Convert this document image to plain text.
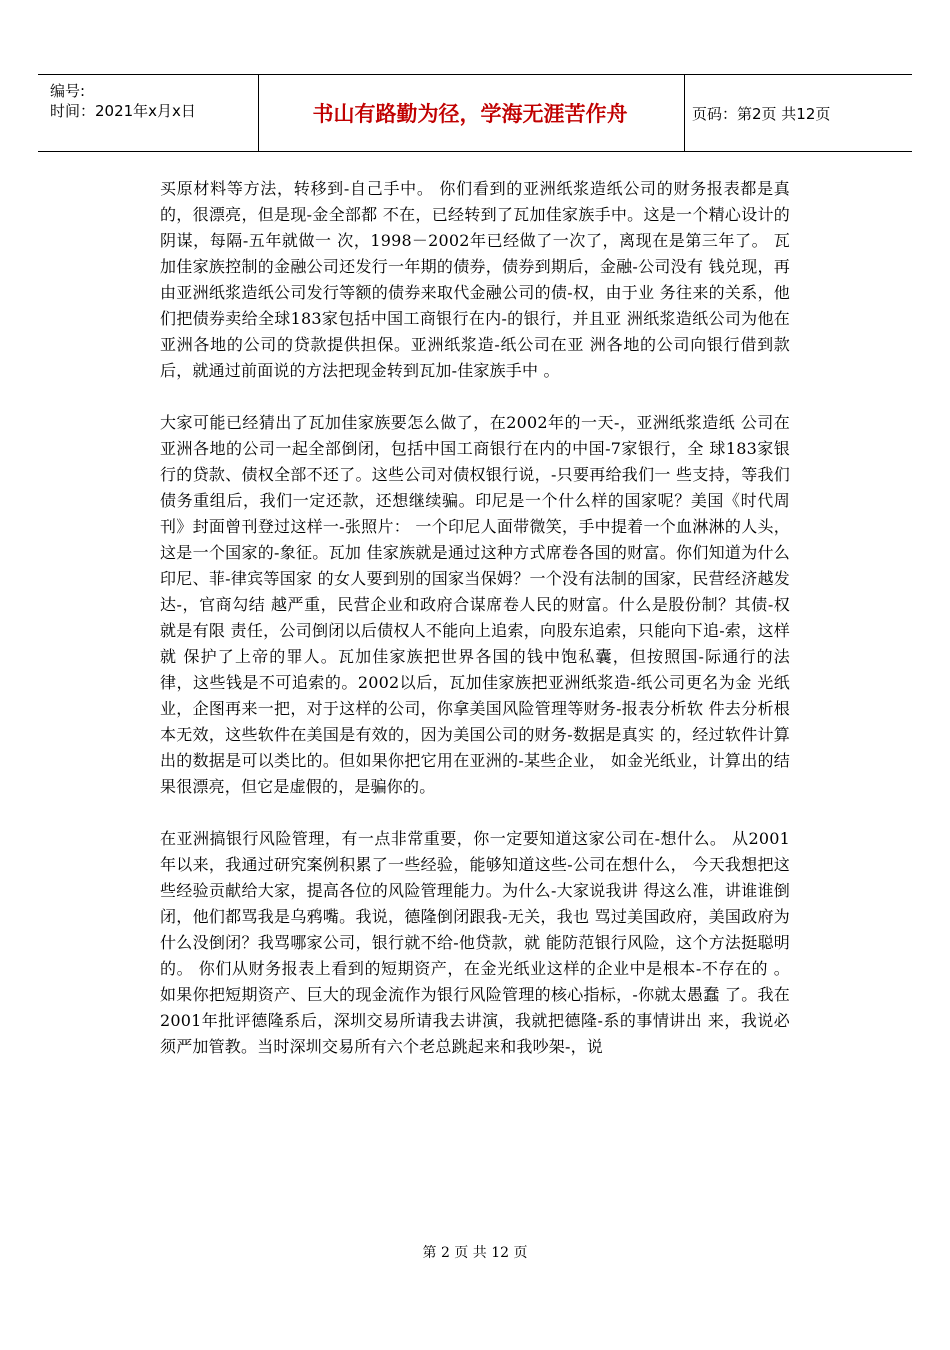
编号:
时间：2021年x月x日	书山有路勤为径，学海无涯苦作舟	页码：第2页 共12页

买原材料等方法，转移到-自己手中。 你们看到的亚洲纸浆造纸公司的财务报表都是真的，很漂亮，但是现-金全部都 不在，已经转到了瓦加佳家族手中。这是一个精心设计的阴谋，每隔-五年就做一 次，1998－2002年已经做了一次了，离现在是第三年了。 瓦加佳家族控制的金融公司还发行一年期的债券，债券到期后，金融-公司没有 钱兑现，再由亚洲纸浆造纸公司发行等额的债券来取代金融公司的债-权，由于业 务往来的关系，他们把债券卖给全球183家包括中国工商银行在内-的银行，并且亚 洲纸浆造纸公司为他在亚洲各地的公司的贷款提供担保。亚洲纸浆造-纸公司在亚 洲各地的公司向银行借到款后，就通过前面说的方法把现金转到瓦加-佳家族手中 。

大家可能已经猜出了瓦加佳家族要怎么做了，在2002年的一天-，亚洲纸浆造纸 公司在亚洲各地的公司一起全部倒闭，包括中国工商银行在内的中国-7家银行，全 球183家银行的贷款、债权全部不还了。这些公司对债权银行说，-只要再给我们一 些支持，等我们债务重组后，我们一定还款，还想继续骗。印尼是一个什么样的国家呢？美国《时代周刊》封面曾刊登过这样一-张照片： 一个印尼人面带微笑，手中提着一个血淋淋的人头，这是一个国家的-象征。瓦加 佳家族就是通过这种方式席卷各国的财富。你们知道为什么印尼、菲-律宾等国家 的女人要到别的国家当保姆？一个没有法制的国家，民营经济越发达-，官商勾结 越严重，民营企业和政府合谋席卷人民的财富。什么是股份制？其债-权就是有限 责任，公司倒闭以后债权人不能向上追索，向股东追索，只能向下追-索，这样就 保护了上帝的罪人。瓦加佳家族把世界各国的钱中饱私囊，但按照国-际通行的法 律，这些钱是不可追索的。2002以后，瓦加佳家族把亚洲纸浆造-纸公司更名为金 光纸业，企图再来一把，对于这样的公司，你拿美国风险管理等财务-报表分析软 件去分析根本无效，这些软件在美国是有效的，因为美国公司的财务-数据是真实 的，经过软件计算出的数据是可以类比的。但如果你把它用在亚洲的-某些企业， 如金光纸业，计算出的结果很漂亮，但它是虚假的，是骗你的。

在亚洲搞银行风险管理，有一点非常重要，你一定要知道这家公司在-想什么。 从2001年以来，我通过研究案例积累了一些经验，能够知道这些-公司在想什么， 今天我想把这些经验贡献给大家，提高各位的风险管理能力。为什么-大家说我讲 得这么准，讲谁谁倒闭，他们都骂我是乌鸦嘴。我说，德隆倒闭跟我-无关，我也 骂过美国政府，美国政府为什么没倒闭？我骂哪家公司，银行就不给-他贷款，就 能防范银行风险，这个方法挺聪明的。 你们从财务报表上看到的短期资产，在金光纸业这样的企业中是根本-不存在的 。如果你把短期资产、巨大的现金流作为银行风险管理的核心指标，-你就太愚蠢 了。我在2001年批评德隆系后，深圳交易所请我去讲演，我就把德隆-系的事情讲出 来，我说必须严加管教。当时深圳交易所有六个老总跳起来和我吵架-，说

第 2 页 共 12 页
